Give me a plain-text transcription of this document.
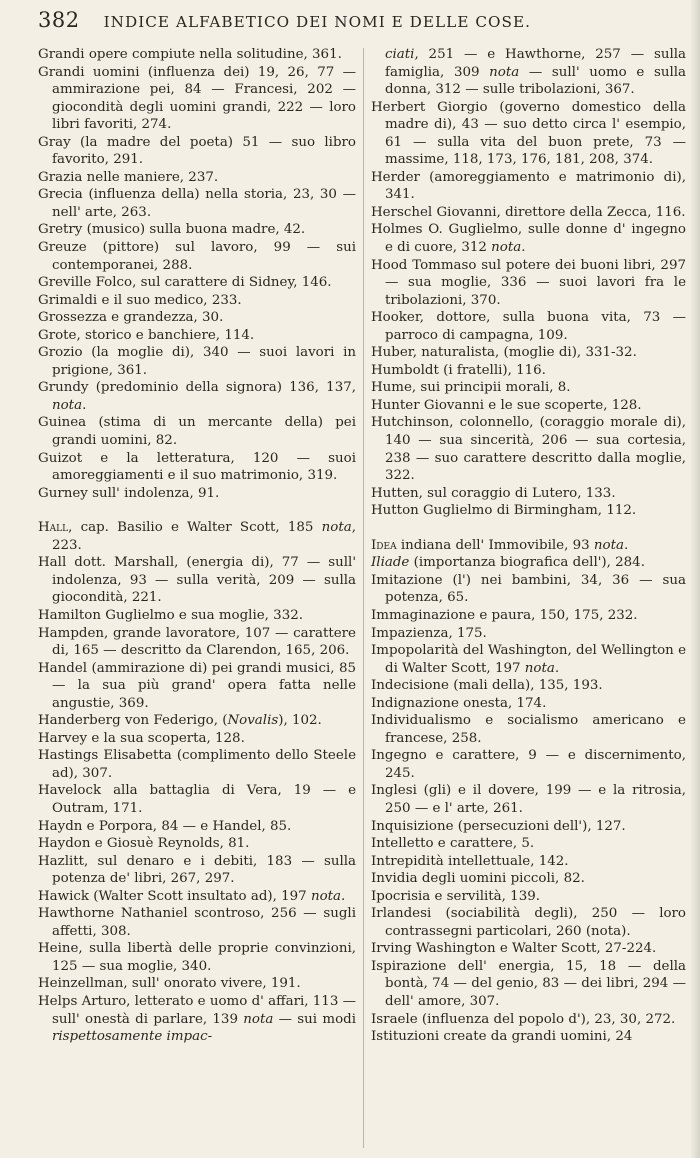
382 INDICE ALFABETICO DEI NOMI E DELLE COSE.
Grandi opere compiute nella solitudine, 361.
Grandi uomini (influenza dei) 19, 26, 77 — ammirazione pei, 84 — Francesi, 202 — giocondità degli uomini grandi, 222 — loro libri favoriti, 274.
Gray (la madre del poeta) 51 — suo libro favorito, 291.
Grazia nelle maniere, 237.
Grecia (influenza della) nella storia, 23, 30 — nell' arte, 263.
Gretry (musico) sulla buona madre, 42.
Greuze (pittore) sul lavoro, 99 — sui contemporanei, 288.
Greville Folco, sul carattere di Sidney, 146.
Grimaldi e il suo medico, 233.
Grossezza e grandezza, 30.
Grote, storico e banchiere, 114.
Grozio (la moglie di), 340 — suoi lavori in prigione, 361.
Grundy (predominio della signora) 136, 137, nota.
Guinea (stima di un mercante della) pei grandi uomini, 82.
Guizot e la letteratura, 120 — suoi amoreggiamenti e il suo matrimonio, 319.
Gurney sull' indolenza, 91.
Hall, cap. Basilio e Walter Scott, 185 nota, 223.
Hall dott. Marshall, (energia di), 77 — sull' indolenza, 93 — sulla verità, 209 — sulla giocondità, 221.
Hamilton Guglielmo e sua moglie, 332.
Hampden, grande lavoratore, 107 — carattere di, 165 — descritto da Clarendon, 165, 206.
Handel (ammirazione di) pei grandi musici, 85 — la sua più grand' opera fatta nelle angustie, 369.
Handerberg von Federigo, (Novalis), 102.
Harvey e la sua scoperta, 128.
Hastings Elisabetta (complimento dello Steele ad), 307.
Havelock alla battaglia di Vera, 19 — e Outram, 171.
Haydn e Porpora, 84 — e Handel, 85.
Haydon e Giosuè Reynolds, 81.
Hazlitt, sul denaro e i debiti, 183 — sulla potenza de' libri, 267, 297.
Hawick (Walter Scott insultato ad), 197 nota.
Hawthorne Nathaniel scontroso, 256 — sugli affetti, 308.
Heine, sulla libertà delle proprie convinzioni, 125 — sua moglie, 340.
Heinzellman, sull' onorato vivere, 191.
Helps Arturo, letterato e uomo d' affari, 113 — sull' onestà di parlare, 139 nota — sui modi rispettosamente impac-
ciati, 251 — e Hawthorne, 257 — sulla famiglia, 309 nota — sull' uomo e sulla donna, 312 — sulle tribolazioni, 367.
Herbert Giorgio (governo domestico della madre di), 43 — suo detto circa l' esempio, 61 — sulla vita del buon prete, 73 — massime, 118, 173, 176, 181, 208, 374.
Herder (amoreggiamento e matrimonio di), 341.
Herschel Giovanni, direttore della Zecca, 116.
Holmes O. Guglielmo, sulle donne d' ingegno e di cuore, 312 nota.
Hood Tommaso sul potere dei buoni libri, 297 — sua moglie, 336 — suoi lavori fra le tribolazioni, 370.
Hooker, dottore, sulla buona vita, 73 — parroco di campagna, 109.
Huber, naturalista, (moglie di), 331-32.
Humboldt (i fratelli), 116.
Hume, sui principii morali, 8.
Hunter Giovanni e le sue scoperte, 128.
Hutchinson, colonnello, (coraggio morale di), 140 — sua sincerità, 206 — sua cortesia, 238 — suo carattere descritto dalla moglie, 322.
Hutten, sul coraggio di Lutero, 133.
Hutton Guglielmo di Birmingham, 112.
Idea indiana dell' Immovibile, 93 nota.
Iliade (importanza biografica dell'), 284.
Imitazione (l') nei bambini, 34, 36 — sua potenza, 65.
Immaginazione e paura, 150, 175, 232.
Impazienza, 175.
Impopolarità del Washington, del Wellington e di Walter Scott, 197 nota.
Indecisione (mali della), 135, 193.
Indignazione onesta, 174.
Individualismo e socialismo americano e francese, 258.
Ingegno e carattere, 9 — e discernimento, 245.
Inglesi (gli) e il dovere, 199 — e la ritrosia, 250 — e l' arte, 261.
Inquisizione (persecuzioni dell'), 127.
Intelletto e carattere, 5.
Intrepidità intellettuale, 142.
Invidia degli uomini piccoli, 82.
Ipocrisia e servilità, 139.
Irlandesi (sociabilità degli), 250 — loro contrassegni particolari, 260 (nota).
Irving Washington e Walter Scott, 27-224.
Ispirazione dell' energia, 15, 18 — della bontà, 74 — del genio, 83 — dei libri, 294 — dell' amore, 307.
Israele (influenza del popolo d'), 23, 30, 272.
Istituzioni create da grandi uomini, 24
